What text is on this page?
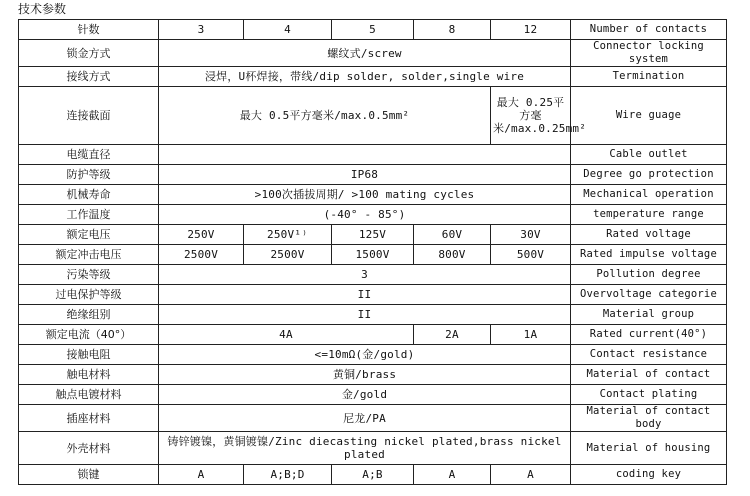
技术参数
针数	3	4	5	8	12	Number of contacts
锁金方式	螺纹式/screw					Connector locking system
接线方式	浸焊，U杯焊接，带线/dip solder, solder,single wire					Termination
连接截面	最大 0.5平方毫米/max.0.5mm²				最大 0.25平方毫米/max.0.25mm²	Wire guage
电缆直径						Cable outlet
防护等级	IP68					Degree go protection
机械寿命	>100次插拔周期/ >100 mating cycles					Mechanical operation
工作温度	(-40° - 85°)					temperature range
额定电压	250V	250V¹⁾	125V	60V	30V	Rated voltage
额定冲击电压	2500V	2500V	1500V	800V	500V	Rated impulse voltage
污染等级	3					Pollution degree
过电保护等级	II					Overvoltage categorie
绝缘组别	II					Material group
额定电流（40°）	4A			2A	1A	Rated current(40°)
接触电阻	<=10mΩ(金/gold)					Contact resistance
触电材料	黄铜/brass					Material of contact
触点电镀材料	金/gold					Contact plating
插座材料	尼龙/PA					Material of contact body
外壳材料	铸锌镀镍，黄铜镀镍/Zinc diecasting nickel plated,brass nickel plated					Material of housing
锁键	A	A;B;D	A;B	A	A	coding key
